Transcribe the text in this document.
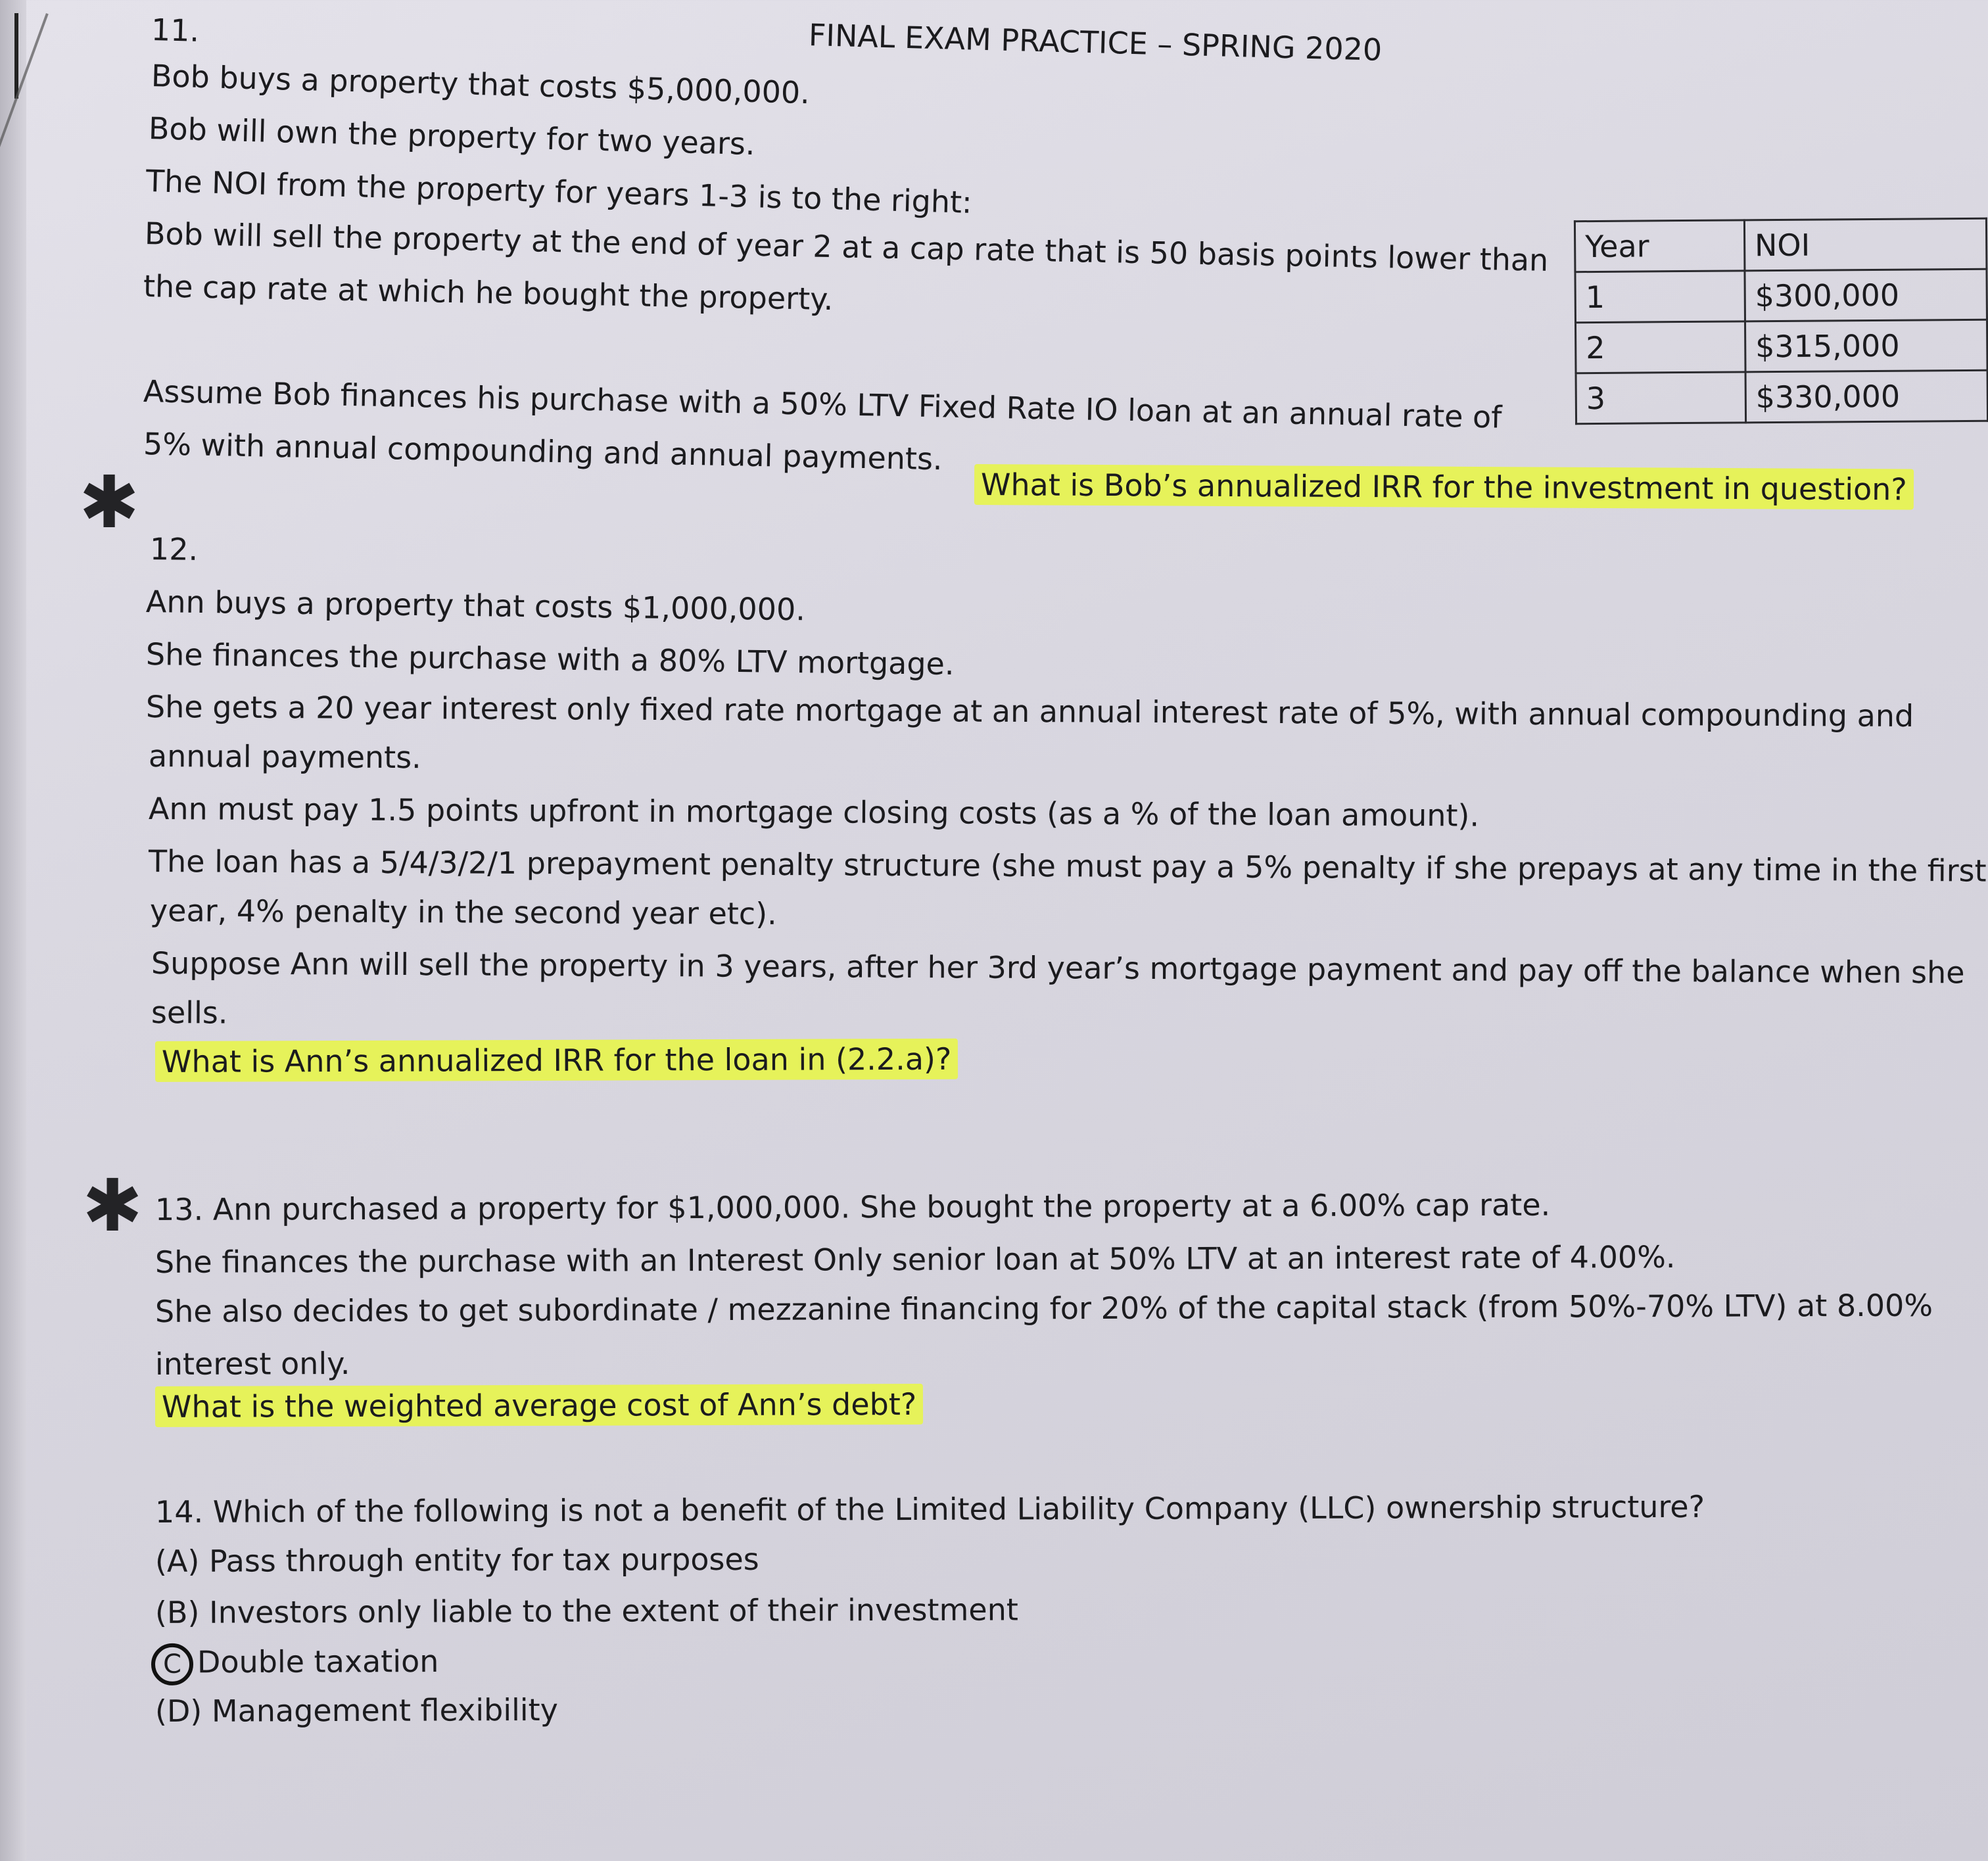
FINAL EXAM PRACTICE – SPRING 2020
11.
Bob buys a property that costs $5,000,000.
Bob will own the property for two years.
The NOI from the property for years 1-3 is to the right:
Bob will sell the property at the end of year 2 at a cap rate that is 50 basis points lower than
the cap rate at which he bought the property.
Assume Bob finances his purchase with a 50% LTV Fixed Rate IO loan at an annual rate of
5% with annual compounding and annual payments.
What is Bob’s annualized IRR for the investment in question?
Year	NOI
1	$300,000
2	$315,000
3	$330,000
✱
12.
Ann buys a property that costs $1,000,000.
She finances the purchase with a 80% LTV mortgage.
She gets a 20 year interest only fixed rate mortgage at an annual interest rate of 5%, with annual compounding and
annual payments.
Ann must pay 1.5 points upfront in mortgage closing costs (as a % of the loan amount).
The loan has a 5/4/3/2/1 prepayment penalty structure (she must pay a 5% penalty if she prepays at any time in the first
year, 4% penalty in the second year etc).
Suppose Ann will sell the property in 3 years, after her 3rd year’s mortgage payment and pay off the balance when she
sells.
What is Ann’s annualized IRR for the loan in (2.2.a)?
✱ 13. Ann purchased a property for $1,000,000. She bought the property at a 6.00% cap rate.
She finances the purchase with an Interest Only senior loan at 50% LTV at an interest rate of 4.00%.
She also decides to get subordinate / mezzanine financing for 20% of the capital stack (from 50%-70% LTV) at 8.00%
interest only.
What is the weighted average cost of Ann’s debt?
14. Which of the following is not a benefit of the Limited Liability Company (LLC) ownership structure?
(A) Pass through entity for tax purposes
(B) Investors only liable to the extent of their investment
C Double taxation
(D) Management flexibility
